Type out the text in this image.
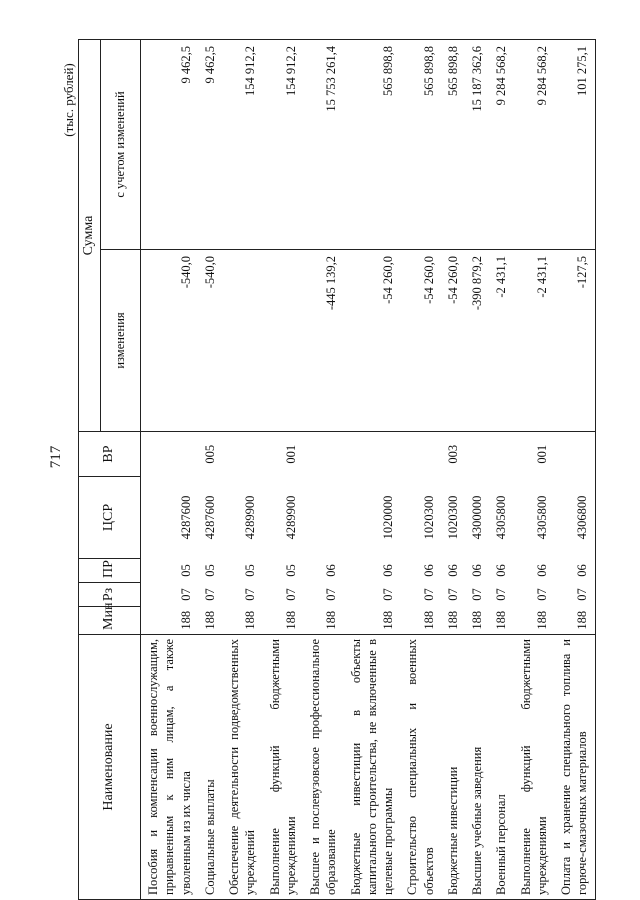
717
(тыс. рублей)
Наименование	Мин	Рз	ПР	ЦСР	ВР	Сумма	
						изменения	с учетом изменений
Пособия и компенсации военнослужащим, приравненным к ним лицам, а также уволенным из их числа	188	07	05	4287600		-540,0	9 462,5
Социальные выплаты	188	07	05	4287600	005	-540,0	9 462,5
Обеспечение деятельности подведомственных учреждений	188	07	05	4289900			154 912,2
Выполнение функций бюджетными учреждениями	188	07	05	4289900	001		154 912,2
Высшее и послевузовское профессиональное образование	188	07	06			-445 139,2	15 753 261,4
Бюджетные инвестиции в объекты капитального строительства, не включенные в целевые программы	188	07	06	1020000		-54 260,0	565 898,8
Строительство специальных и военных объектов	188	07	06	1020300		-54 260,0	565 898,8
Бюджетные инвестиции	188	07	06	1020300	003	-54 260,0	565 898,8
Высшие учебные заведения	188	07	06	4300000		-390 879,2	15 187 362,6
Военный персонал	188	07	06	4305800		-2 431,1	9 284 568,2
Выполнение функций бюджетными учреждениями	188	07	06	4305800	001	-2 431,1	9 284 568,2
Оплата и хранение специального топлива и горюче-смазочных материалов	188	07	06	4306800		-127,5	101 275,1
